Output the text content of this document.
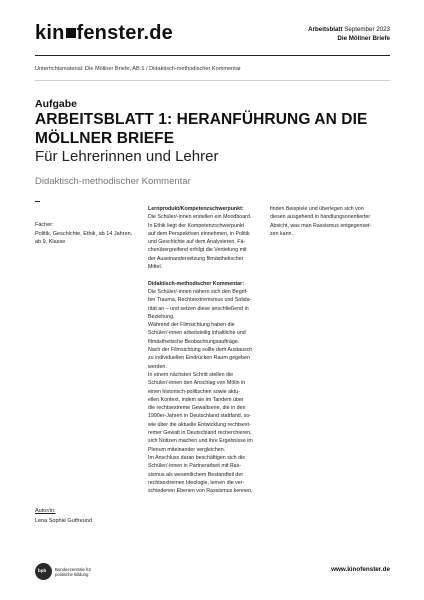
kin fenster.de	Arbeitsblatt September 2023
Die Möllner Briefe
Unterrichtsmaterial: Die Möllner Briefe, AB 1 / Didaktisch-methodischer Kommentar
Aufgabe
ARBEITSBLATT 1: HERANFÜHRUNG AN DIE
MÖLLNER BRIEFE
Für Lehrerinnen und Lehrer
Didaktisch-methodischer Kommentar
Fächer:
Politik, Geschichte, Ethik, ab 14 Jahren,
ab 9. Klasse
Autor/in:
Lena Sophie Gutfreund

Lernprodukt/Kompetenzschwerpunkt:

Die Schüler/-innen erstellen ein Moodboard.
In Ethik liegt der Kompetenzschwerpunkt
auf dem Perspektiven einnehmen, in Politik
und Geschichte auf dem Analysieren. Fä-
cherübergreifend erfolgt die Vertiefung mit
der Auseinandersetzung filmästhetischer
Mittel.

Didaktisch-methodischer Kommentar:

Die Schüler/-innen nähern sich den Begrif-
fen Trauma, Rechtsextremsmus und Solida-
rität an – und setzen diese anschließend in
Beziehung.

Während der Filmsichtung haben die
Schüler/-innen arbeitsteilig inhaltliche und
filmästhetische Beobachtungsaufträge.
Nach der Filmsichtung sollte dem Austausch
zu individuellen Eindrücken Raum gegeben
werden.

In einem nächsten Schritt stellen die
Schüler/-innen den Anschlag von Mölln in
einen historisch-politischen sowie aktu-
ellen Kontext, indem sie im Tandem über
die rechtsextreme Gewaltserie, die in den
1990er-Jahren in Deutschland stattfand, so-
wie über die aktuelle Entwicklung rechtsext-
remer Gewalt in Deutschland recherchieren,
sich Notizen machen und ihre Ergebnisse im
Plenum miteinander vergleichen.

Im Anschluss daran beschäftigen sich die
Schüler/-innen in Partnerarbeit mit Ras-
sismus als wesentlichem Bestandteil der
rechtsextremen Ideologie, lernen die ver-
schiedenen Ebenen von Rassismus kennen,

finden Beispiele und überlegen sich von
diesen ausgehend in handlungsorientierter
Absicht, was man Rassismus entgegenset-
zen kann.

bpb Bundeszentrale für
politische Bildung
www.kinofenster.de
